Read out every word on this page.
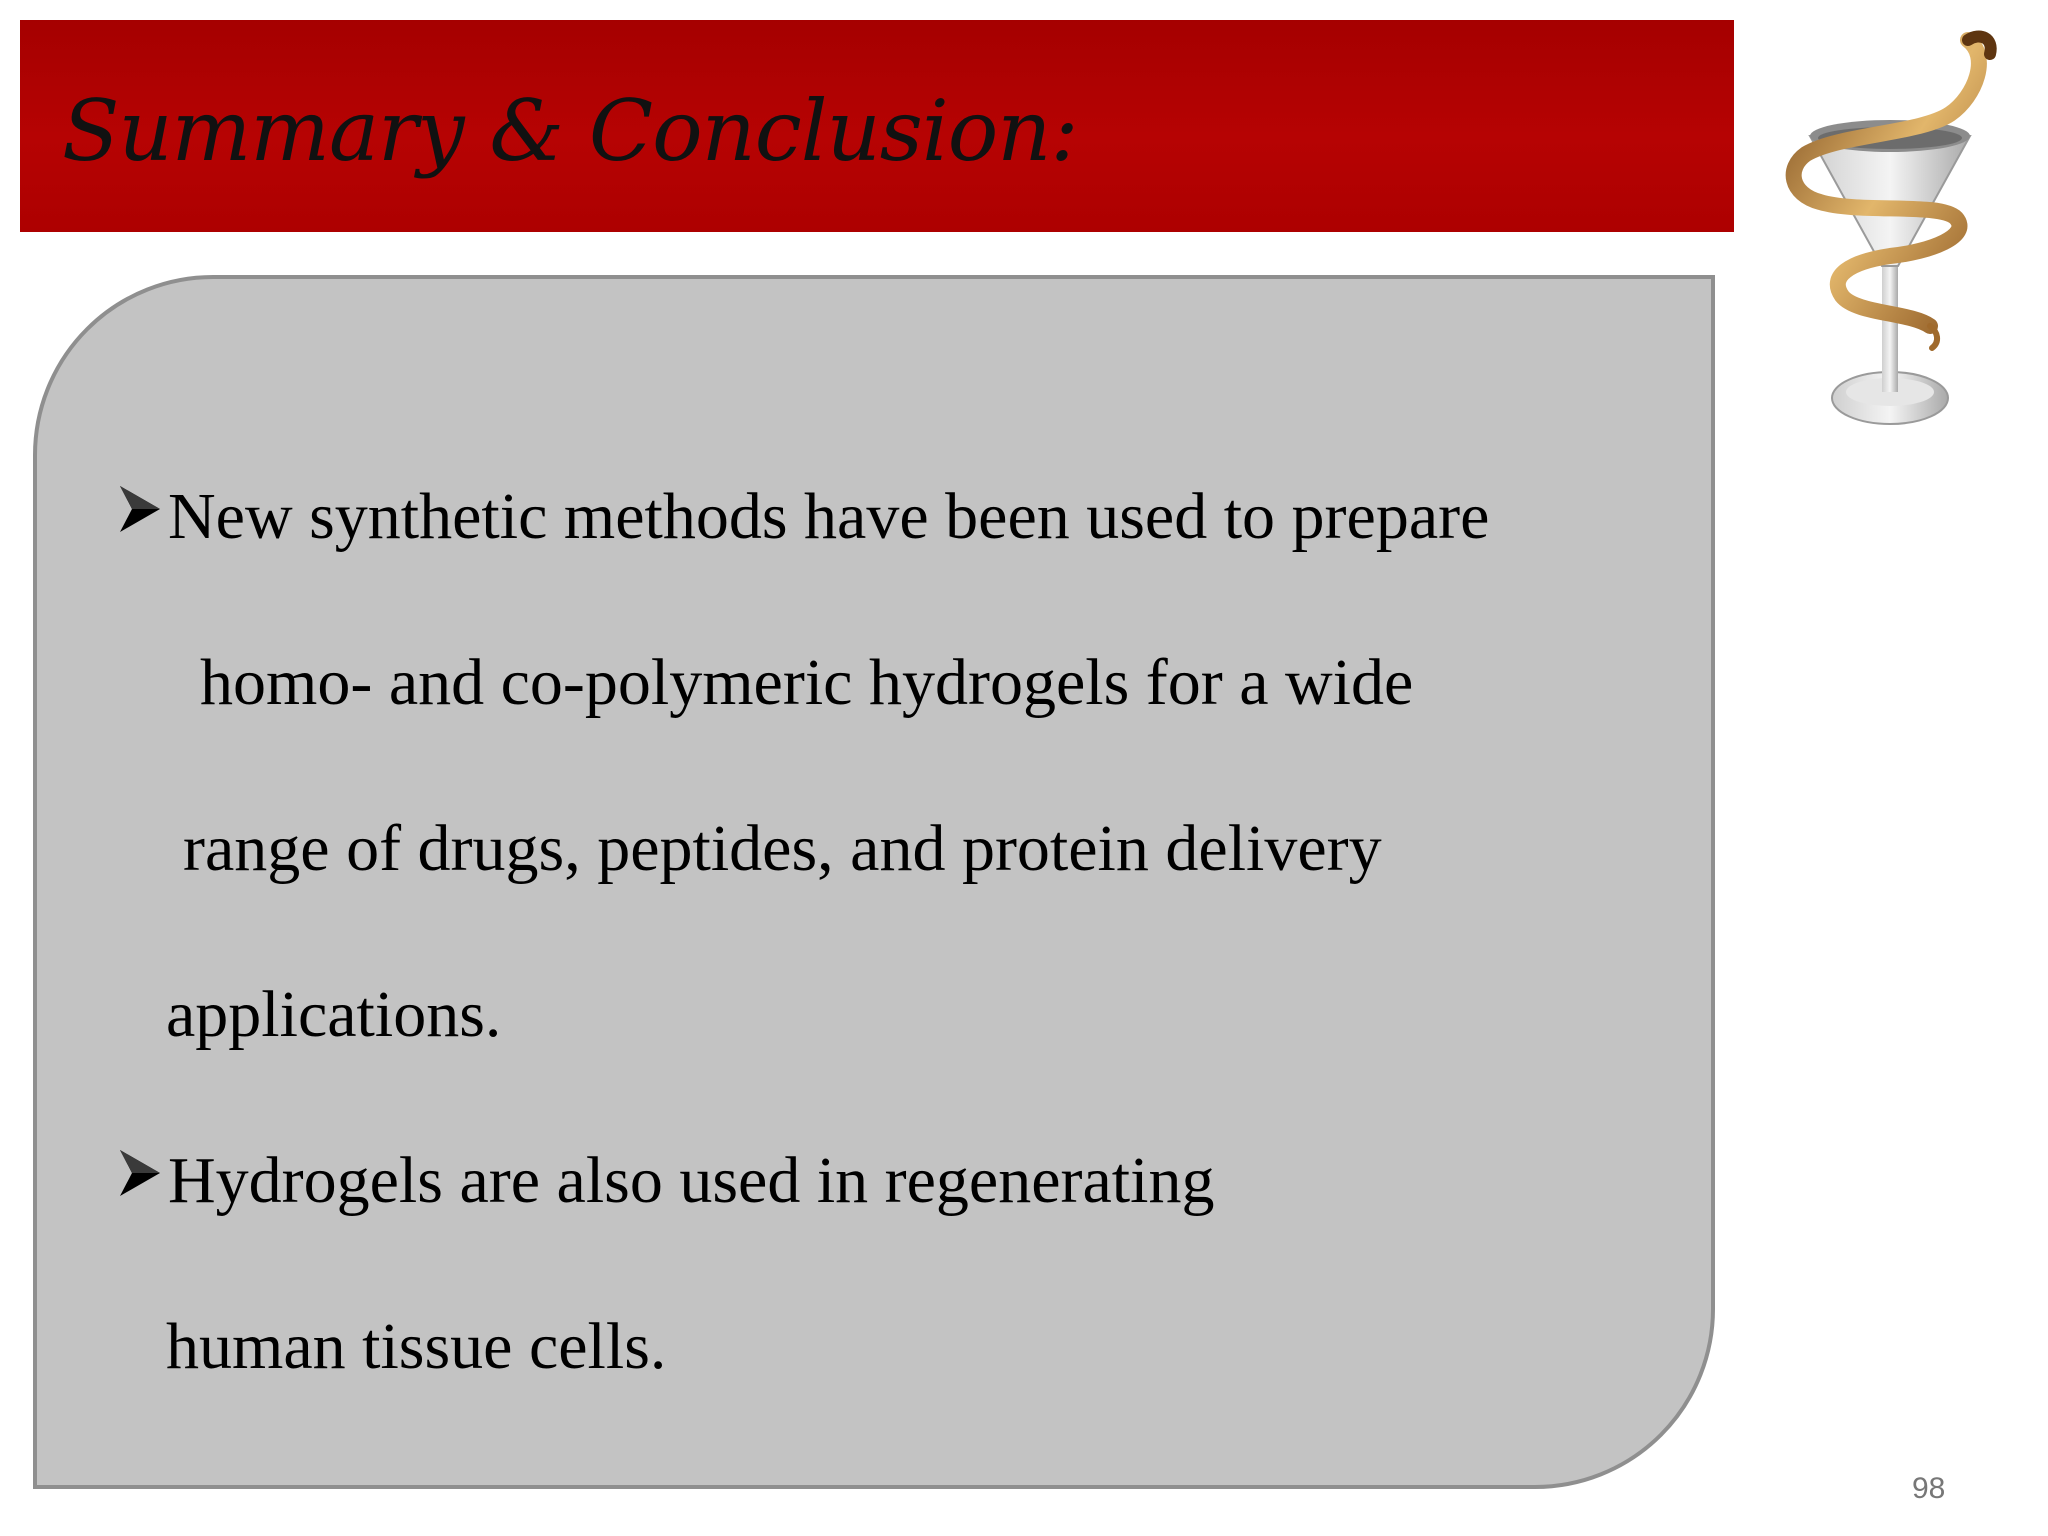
Summary & Conclusion:
New synthetic methods have been used to prepare
homo- and co-polymeric hydrogels for a wide
range of drugs, peptides, and protein delivery
applications.
Hydrogels are also used in regenerating
human tissue cells.
98
